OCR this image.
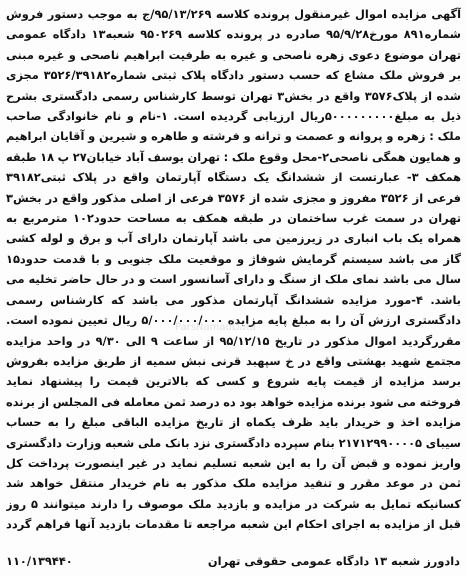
آگهی مزایده اموال غیرمنقول پرونده کلاسه ۹۵/۱۳/۲۶۹/ج به موجب دستور فروش شماره۸۹۱ مورخ۹۵/۹/۲۸ صادره در پرونده کلاسه ۹۵۰۲۶۹ شعبه۱۳ دادگاه عمومی تهران موضوع دعوی زهره ناصحی و غیره به طرفیت ابراهیم ناصحی و غیره مبنی بر فروش ملک مشاع که حسب دستور دادگاه پلاک ثبتی شماره۳۵۲۶/۳۹۱۸۲ مجزی شده از پلاک۳۵۷۶ واقع در بخش۳ تهران توسط کارشناس رسمی دادگستری بشرح ذیل به مبلغ۵۰۰۰۰۰۰۰۰۰ریال ارزیابی گردیده است. ۱-نام و نام خانوادگی صاحب ملک : زهره و پروانه و عصمت و ترانه و فرشته و طاهره و شیرین و آقایان ابراهیم و همایون همگی ناصحی۲-محل وقوع ملک : تهران یوسف آباد خیابان۲۷ پ ۱۸ طبقه همکف ۳- عبارتست از ششدانگ یک دستگاه آپارتمان واقع در پلاک ثبتی۳۹۱۸۲ فرعی از ۳۵۲۶ مفروز و مجزی شده از ۳۵۷۶ فرعی از اصلی مذکور واقع در بخش۳ تهران در سمت غرب ساختمان در طبقه همکف به مساحت حدود۱۰۲ مترمربع به همراه یک باب انباری در زیرزمین می باشد آپارتمان دارای آب و برق و لوله کشی گاز می باشد سیستم گرمایش شوفاژ و موقعیت ملک جنوبی و با قدمت حدود۱۵ سال می باشد نمای ملک از سنگ و دارای آسانسور است و در حال حاضر تخلیه می باشد. ۴-مورد مزایده ششدانگ آپارتمان مذکور می باشد که کارشناس رسمی دادگستری ارزش آن را به مبلغ پایه مزایده ۵/۰۰۰/۰۰۰/۰۰۰ ریال تعیین نموده است. مقررگردید اموال مذکور در تاریخ ۹۵/۱۲/۱۵ از ساعت ۹ الی ۹/۳۰ در واحد مزایده مجتمع شهید بهشتی واقع در خ سپهبد قرنی نبش سمیه از طریق مزایده بفروش برسد مزایده از قیمت پایه شروع و کسی که بالاترین قیمت را پیشنهاد نماید فروخته می شود برنده مزایده خواهد بود ده درصد ثمن معامله فی المجلس از برنده مزایده اخذ و خریدار باید ظرف یکماه از تاریخ مزایده الباقی مبلغ را به حساب سیبای ۲۱۷۱۲۹۹۰۰۰۰۵ بنام سپرده دادگستری نزد بانک ملی شعبه وزارت دادگستری واریز نموده و قبض آن را به این شعبه تسلیم نماید در غیر اینصورت پرداخت کل ثمن در موعد مقرر و تنفید مزایده ملک مذکور به نام خریدار منتقل خواهد شد کسانیکه تمایل به شرکت در مزایده و بازدید ملک موصوف را دارند میتوانند ۵ روز قبل از مزایده به اجرای احکام این شعبه مراجعه تا مقدمات بازدید آنها فراهم گردد
ParsNamadData
۱۱۰/۱۳۹۴۴۰	دادورز شعبه ۱۳ دادگاه عمومی حقوقی تهران
